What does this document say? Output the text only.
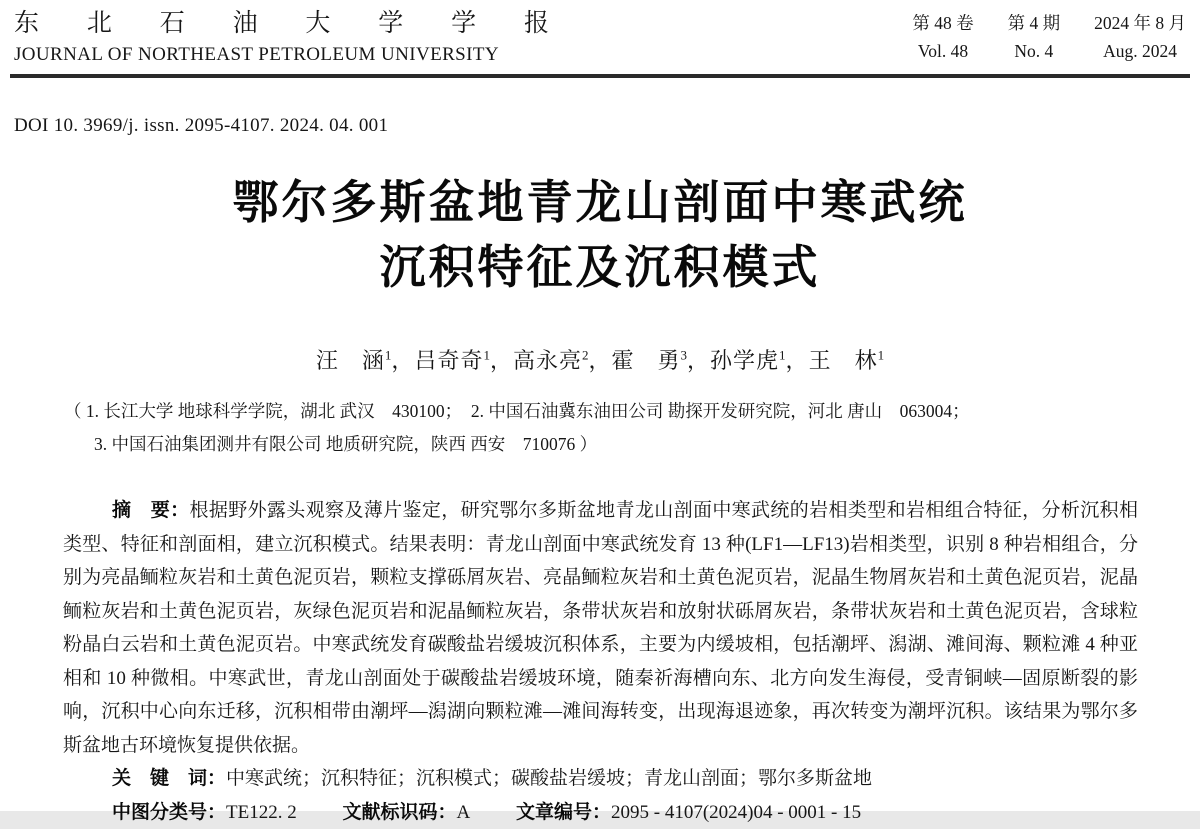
东北石油大学学报
JOURNAL OF NORTHEAST PETROLEUM UNIVERSITY
第 48 卷 第 4 期 2024 年 8 月
Vol. 48	No. 4	Aug. 2024
DOI 10. 3969/j. issn. 2095-4107. 2024. 04. 001
鄂尔多斯盆地青龙山剖面中寒武统
沉积特征及沉积模式
汪　涵$^1$，吕奇奇$^1$，高永亮$^2$，霍　勇$^3$，孙学虎$^1$，王　林$^1$
（ 1. 长江大学 地球科学学院，湖北 武汉　430100；　2. 中国石油冀东油田公司 勘探开发研究院，河北 唐山　063004；
3. 中国石油集团测井有限公司 地质研究院，陕西 西安　710076 ）
摘　要：根据野外露头观察及薄片鉴定，研究鄂尔多斯盆地青龙山剖面中寒武统的岩相类型和岩相组合特征，分析沉积相类型、特征和剖面相，建立沉积模式。结果表明：青龙山剖面中寒武统发育 13 种(LF1—LF13)岩相类型，识别 8 种岩相组合，分别为亮晶鲕粒灰岩和土黄色泥页岩，颗粒支撑砾屑灰岩、亮晶鲕粒灰岩和土黄色泥页岩，泥晶生物屑灰岩和土黄色泥页岩，泥晶鲕粒灰岩和土黄色泥页岩，灰绿色泥页岩和泥晶鲕粒灰岩，条带状灰岩和放射状砾屑灰岩，条带状灰岩和土黄色泥页岩，含球粒粉晶白云岩和土黄色泥页岩。中寒武统发育碳酸盐岩缓坡沉积体系，主要为内缓坡相，包括潮坪、潟湖、滩间海、颗粒滩 4 种亚相和 10 种微相。中寒武世，青龙山剖面处于碳酸盐岩缓坡环境，随秦祈海槽向东、北方向发生海侵，受青铜峡—固原断裂的影响，沉积中心向东迁移，沉积相带由潮坪—潟湖向颗粒滩—滩间海转变，出现海退迹象，再次转变为潮坪沉积。该结果为鄂尔多斯盆地古环境恢复提供依据。
关　键　词：中寒武统；沉积特征；沉积模式；碳酸盐岩缓坡；青龙山剖面；鄂尔多斯盆地
中图分类号：TE122. 2 文献标识码：A 文章编号：2095 - 4107(2024)04 - 0001 - 15
